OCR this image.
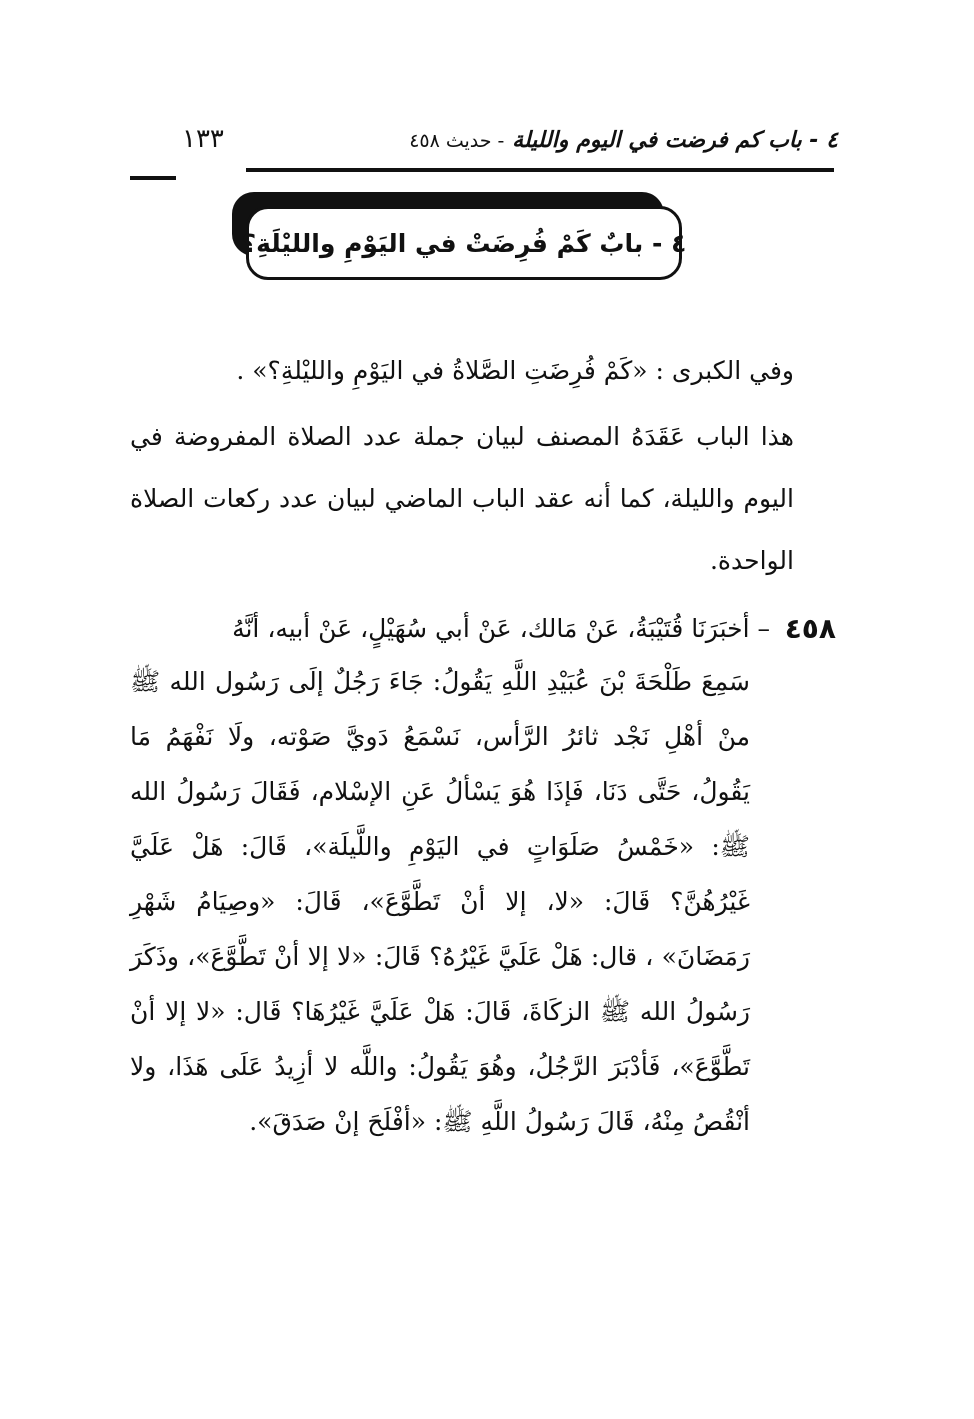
٤ - باب كم فرضت في اليوم والليلة - حديث ٤٥٨
١٣٣
٤ - بابٌ كَمْ فُرِضَتْ في اليَوْمِ والليْلَةِ؟

وفي الكبرى : «كَمْ فُرِضَتِ الصَّلاةُ في اليَوْمِ والليْلةِ؟» .

هذا الباب عَقَدَهُ المصنف لبيان جملة عدد الصلاة المفروضة في اليوم والليلة، كما أنه عقد الباب الماضي لبيان عدد ركعات الصلاة الواحدة.

٤٥٨
– أخبَرَنَا قُتَيْبَةُ، عَنْ مَالك، عَنْ أبي سُهَيْلٍ، عَنْ أبيه، أنَّهُ

سَمِعَ طَلْحَةَ بْنَ عُبَيْدِ اللَّهِ يَقُولُ: جَاءَ رَجُلٌ إلَى رَسُول الله ﷺ منْ أهْلِ نَجْد ثائرُ الرَّأس، نَسْمَعُ دَويَّ صَوْته، ولَا نَفْهَمُ مَا يَقُولُ، حَتَّى دَنَا، فَإذَا هُوَ يَسْألُ عَنِ الإسْلام، فَقَالَ رَسُولُ الله ﷺ: «خَمْسُ صَلَوَاتٍ في اليَوْمِ واللَّيلَة»، قَالَ: هَلْ عَلَيَّ غَيْرُهُنَّ؟ قَالَ: «لا، إلا أنْ تَطَّوَّعَ»، قَالَ: «وصِيَامُ شَهْرِ رَمَضَانَ» ، قال: هَلْ عَلَيَّ غَيْرُهُ؟ قَالَ: «لا إلا أنْ تَطَّوَّعَ»، وذَكَرَ رَسُولُ الله ﷺ الزكَاةَ، قَالَ: هَلْ عَلَيَّ غَيْرُهَا؟ قَال: «لا إلا أنْ تَطَّوَّعَ»، فَأدْبَرَ الرَّجُلُ، وهُوَ يَقُولُ: واللَّه لا أزِيدُ عَلَى هَذَا، ولا أنْقُصُ مِنْهُ، قَالَ رَسُولُ اللَّهِ ﷺ: «أفْلَحَ إنْ صَدَقَ».
